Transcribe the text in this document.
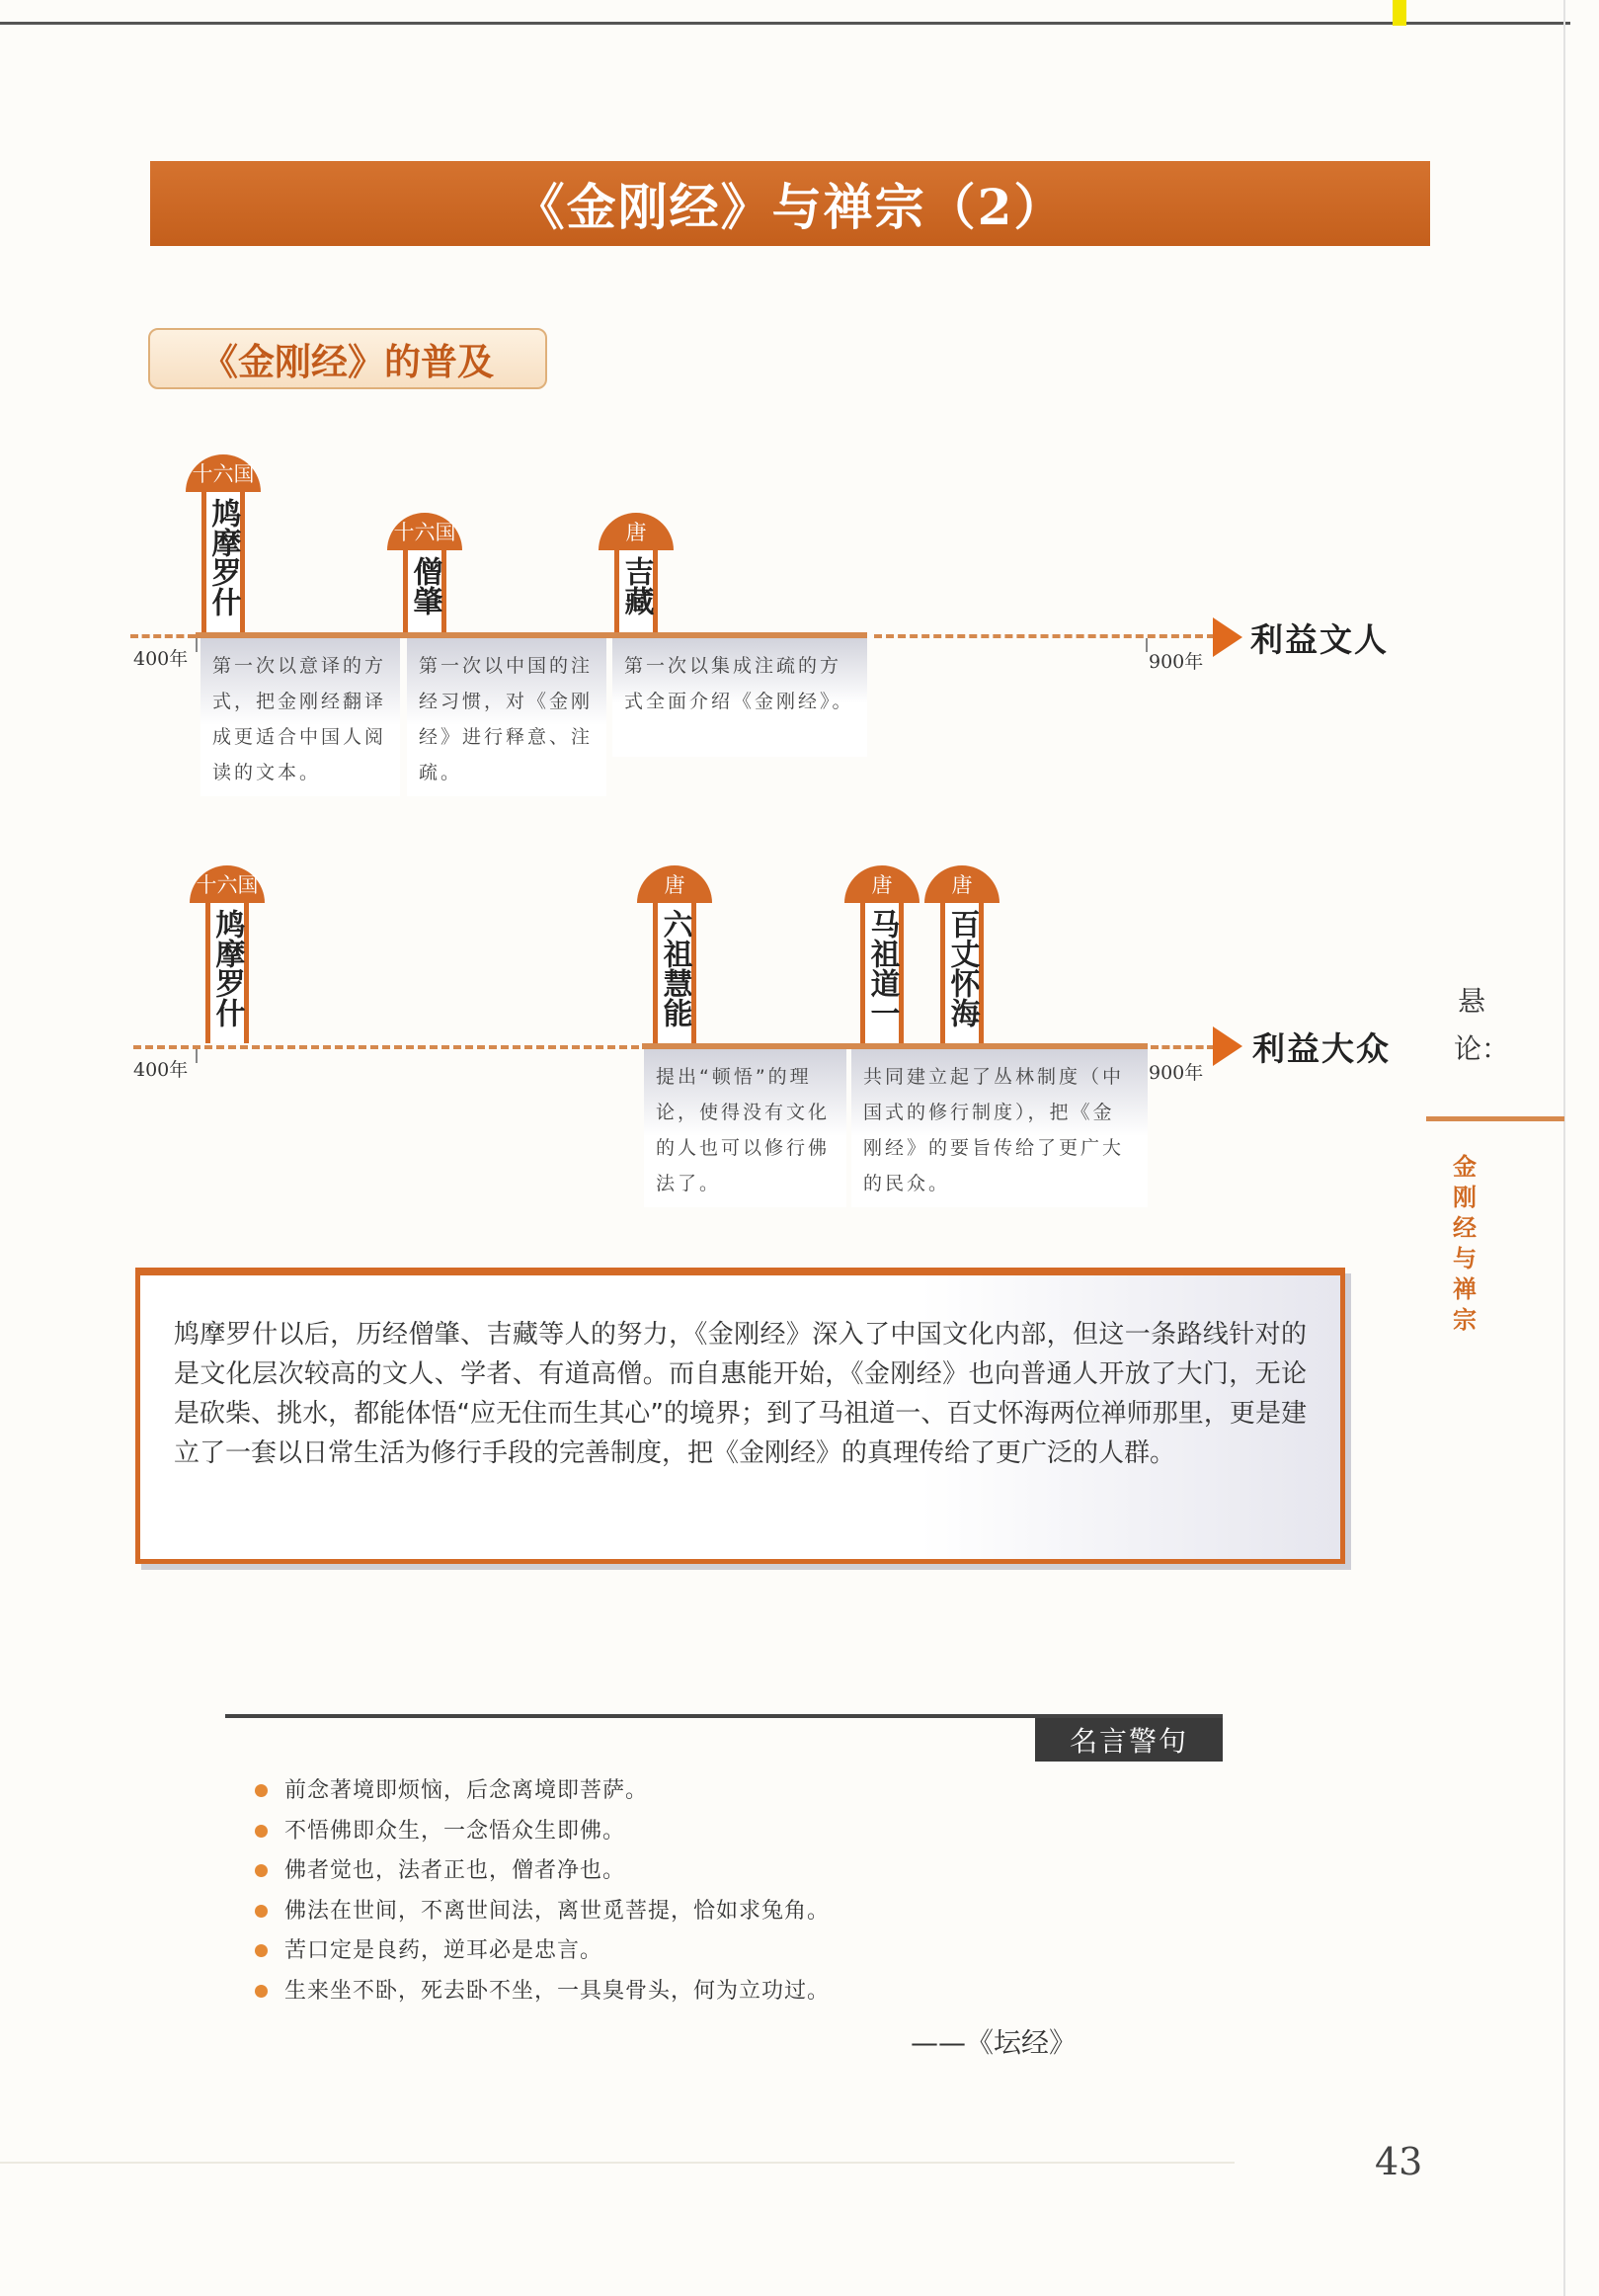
《金刚经》与禅宗（2）
《金刚经》的普及
400年	900年
利益文人
十六国
鸠摩罗什	十六国
僧肇
唐
吉藏
第一次以意译的方式，把金刚经翻译成更适合中国人阅读的文本。
第一次以中国的注经习惯，对《金刚经》进行释意、注疏。
第一次以集成注疏的方式全面介绍《金刚经》。
400年	900年
利益大众
十六国
鸠摩罗什
唐
六祖慧能
唐
马祖道一
唐
百丈怀海
提出“顿悟”的理论，使得没有文化的人也可以修行佛法了。
共同建立起了丛林制度（中国式的修行制度），把《金刚经》的要旨传给了更广大的民众。
悬论：
金刚经与禅宗
鸠摩罗什以后，历经僧肇、吉藏等人的努力，《金刚经》深入了中国文化内部，但这一条路线针对的是文化层次较高的文人、学者、有道高僧。而自惠能开始，《金刚经》也向普通人开放了大门，无论是砍柴、挑水，都能体悟“应无住而生其心”的境界；到了马祖道一、百丈怀海两位禅师那里，更是建立了一套以日常生活为修行手段的完善制度，把《金刚经》的真理传给了更广泛的人群。
名言警句
前念著境即烦恼，后念离境即菩萨。
不悟佛即众生，一念悟众生即佛。
佛者觉也，法者正也，僧者净也。
佛法在世间，不离世间法，离世觅菩提，恰如求兔角。
苦口定是良药，逆耳必是忠言。
生来坐不卧，死去卧不坐，一具臭骨头，何为立功过。
——《坛经》
43
